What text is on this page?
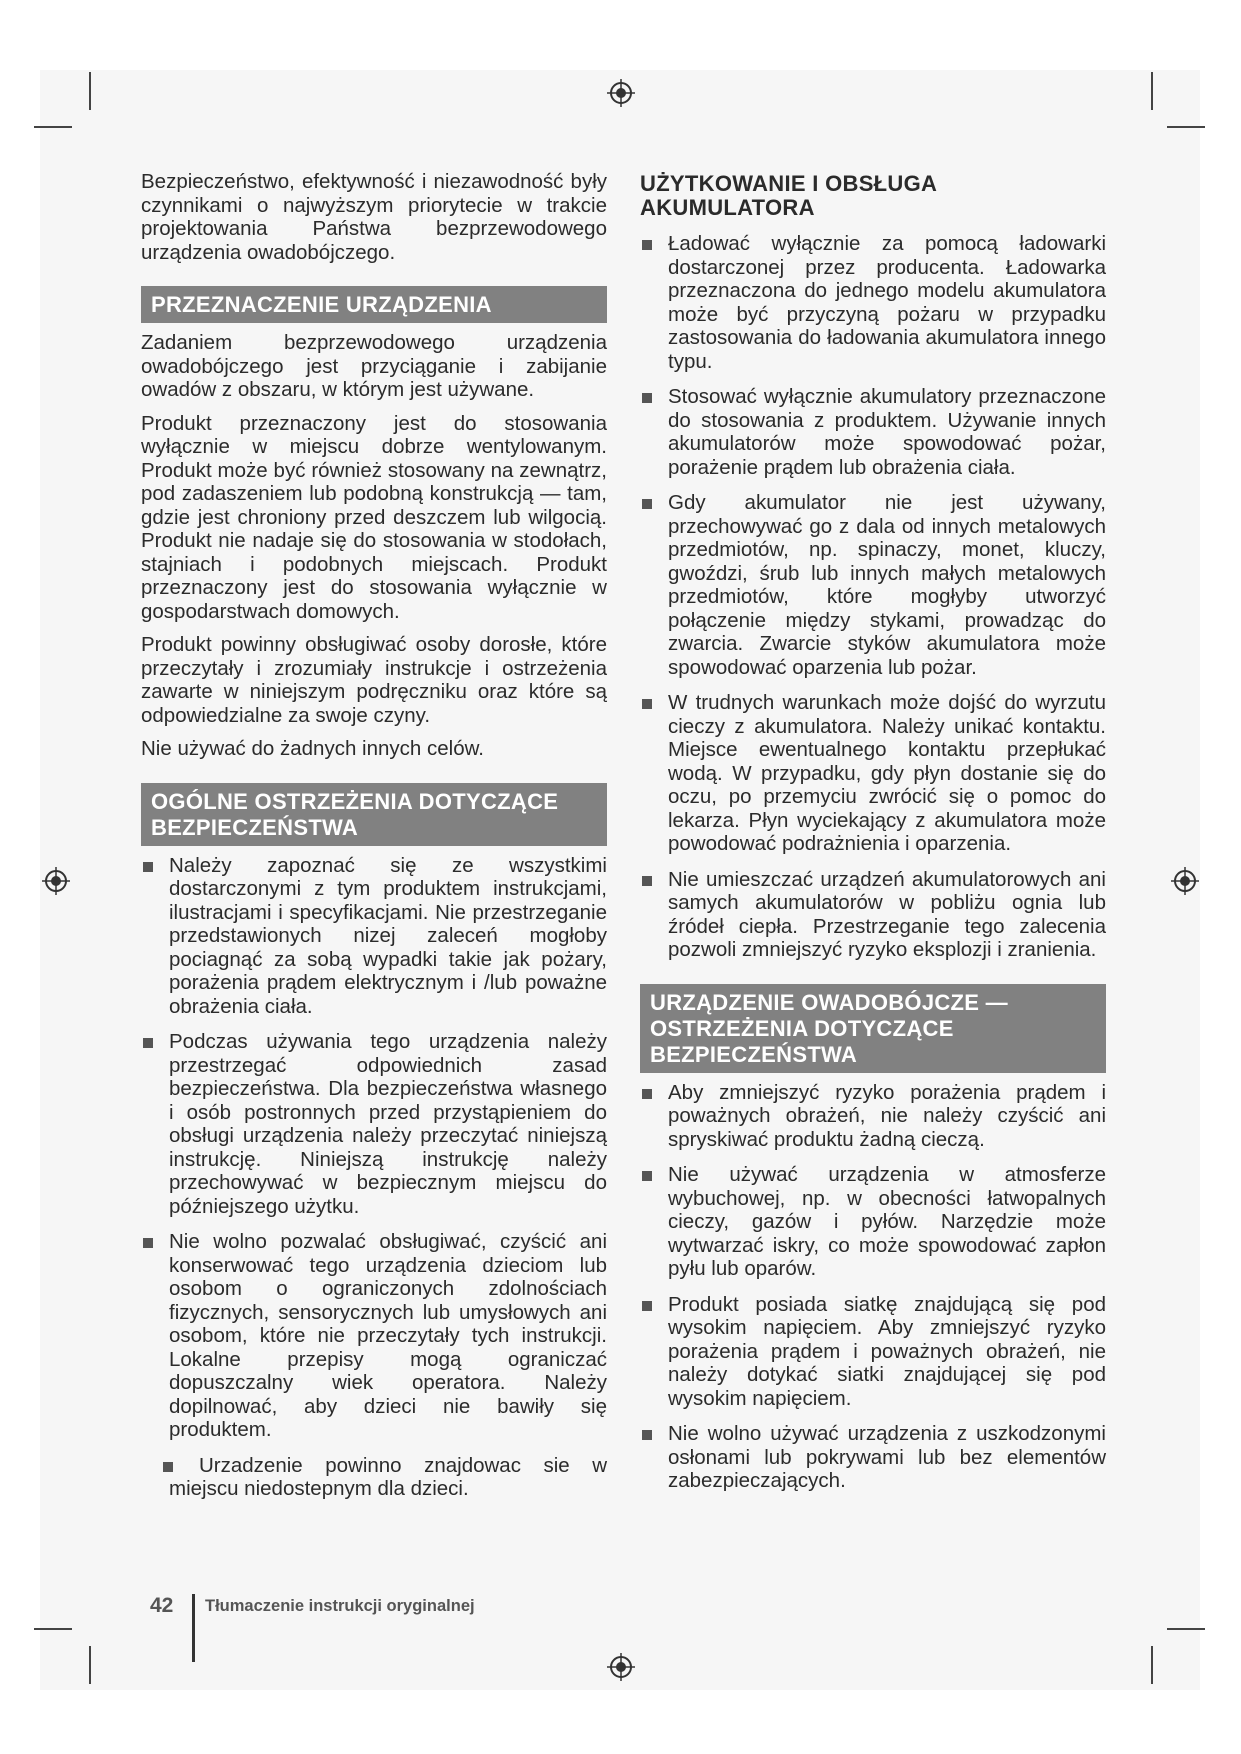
Bezpieczeństwo, efektywność i niezawodność były czynnikami o najwyższym priorytecie w trakcie projektowania Państwa bezprzewodowego urządzenia owadobójczego.

PRZEZNACZENIE URZĄDZENIA

Zadaniem bezprzewodowego urządzenia owadobójczego jest przyciąganie i zabijanie owadów z obszaru, w którym jest używane.

Produkt przeznaczony jest do stosowania wyłącznie w miejscu dobrze wentylowanym. Produkt może być również stosowany na zewnątrz, pod zadaszeniem lub podobną konstrukcją — tam, gdzie jest chroniony przed deszczem lub wilgocią. Produkt nie nadaje się do stosowania w stodołach, stajniach i podobnych miejscach. Produkt przeznaczony jest do stosowania wyłącznie w gospodarstwach domowych.

Produkt powinny obsługiwać osoby dorosłe, które przeczytały i zrozumiały instrukcje i ostrzeżenia zawarte w niniejszym podręczniku oraz które są odpowiedzialne za swoje czyny.

Nie używać do żadnych innych celów.

OGÓLNE OSTRZEŻENIA DOTYCZĄCE BEZPIECZEŃSTWA
Należy zapoznać się ze wszystkimi dostarczonymi z tym produktem instrukcjami, ilustracjami i specyfikacjami. Nie przestrzeganie przedstawionych nizej zaleceń mogłoby pociagnąć za sobą wypadki takie jak pożary, porażenia prądem elektrycznym i /lub poważne obrażenia ciała.
Podczas używania tego urządzenia należy przestrzegać odpowiednich zasad bezpieczeństwa. Dla bezpieczeństwa własnego i osób postronnych przed przystąpieniem do obsługi urządzenia należy przeczytać niniejszą instrukcję. Niniejszą instrukcję należy przechowywać w bezpiecznym miejscu do późniejszego użytku.
Nie wolno pozwalać obsługiwać, czyścić ani konserwować tego urządzenia dzieciom lub osobom o ograniczonych zdolnościach fizycznych, sensorycznych lub umysłowych ani osobom, które nie przeczytały tych instrukcji. Lokalne przepisy mogą ograniczać dopuszczalny wiek operatora. Należy dopilnować, aby dzieci nie bawiły się produktem.
Urzadzenie powinno znajdowac sie w miejscu niedostepnym dla dzieci.
UŻYTKOWANIE I OBSŁUGA AKUMULATORA
Ładować wyłącznie za pomocą ładowarki dostarczonej przez producenta. Ładowarka przeznaczona do jednego modelu akumulatora może być przyczyną pożaru w przypadku zastosowania do ładowania akumulatora innego typu.
Stosować wyłącznie akumulatory przeznaczone do stosowania z produktem. Używanie innych akumulatorów może spowodować pożar, porażenie prądem lub obrażenia ciała.
Gdy akumulator nie jest używany, przechowywać go z dala od innych metalowych przedmiotów, np. spinaczy, monet, kluczy, gwoździ, śrub lub innych małych metalowych przedmiotów, które mogłyby utworzyć połączenie między stykami, prowadząc do zwarcia. Zwarcie styków akumulatora może spowodować oparzenia lub pożar.
W trudnych warunkach może dojść do wyrzutu cieczy z akumulatora. Należy unikać kontaktu. Miejsce ewentualnego kontaktu przepłukać wodą. W przypadku, gdy płyn dostanie się do oczu, po przemyciu zwrócić się o pomoc do lekarza. Płyn wyciekający z akumulatora może powodować podrażnienia i oparzenia.
Nie umieszczać urządzeń akumulatorowych ani samych akumulatorów w pobliżu ognia lub źródeł ciepła. Przestrzeganie tego zalecenia pozwoli zmniejszyć ryzyko eksplozji i zranienia.
URZĄDZENIE OWADOBÓJCZE — OSTRZEŻENIA DOTYCZĄCE BEZPIECZEŃSTWA
Aby zmniejszyć ryzyko porażenia prądem i poważnych obrażeń, nie należy czyścić ani spryskiwać produktu żadną cieczą.
Nie używać urządzenia w atmosferze wybuchowej, np. w obecności łatwopalnych cieczy, gazów i pyłów. Narzędzie może wytwarzać iskry, co może spowodować zapłon pyłu lub oparów.
Produkt posiada siatkę znajdującą się pod wysokim napięciem. Aby zmniejszyć ryzyko porażenia prądem i poważnych obrażeń, nie należy dotykać siatki znajdującej się pod wysokim napięciem.
Nie wolno używać urządzenia z uszkodzonymi osłonami lub pokrywami lub bez elementów zabezpieczających.
42 Tłumaczenie instrukcji oryginalnej
